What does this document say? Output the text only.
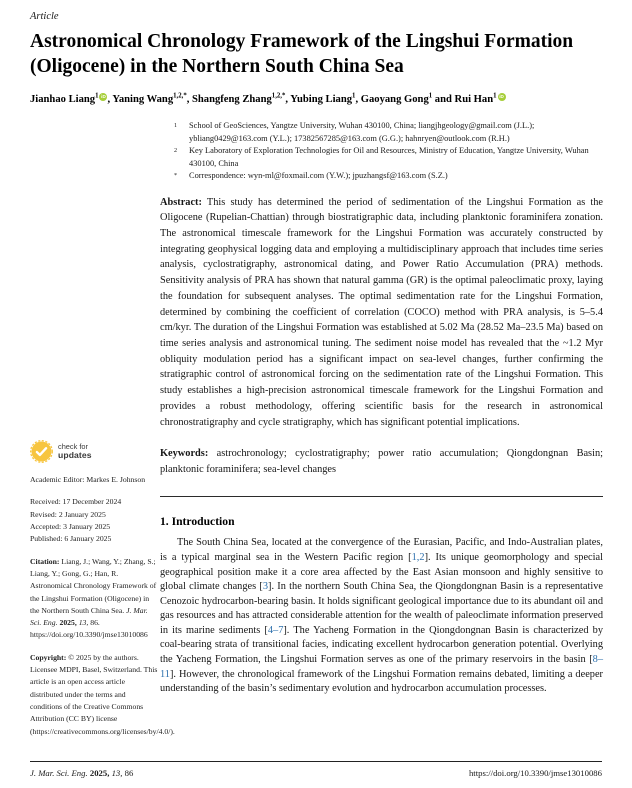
Article
Astronomical Chronology Framework of the Lingshui Formation (Oligocene) in the Northern South China Sea
Jianhao Liang$^1$ iD , Yaning Wang$^{1,2,*}$, Shangfeng Zhang$^{1,2,*}$, Yubing Liang$^1$, Gaoyang Gong$^1$ and Rui Han$^1$ iD
check for
updates

Academic Editor: Markes E. Johnson

Received: 17 December 2024
Revised: 2 January 2025
Accepted: 3 January 2025
Published: 6 January 2025

Citation: Liang, J.; Wang, Y.; Zhang, S.; Liang, Y.; Gong, G.; Han, R. Astronomical Chronology Framework of the Lingshui Formation (Oligocene) in the Northern South China Sea. J. Mar. Sci. Eng. 2025, 13, 86. https://doi.org/10.3390/jmse13010086

Copyright: © 2025 by the authors. Licensee MDPI, Basel, Switzerland. This article is an open access article distributed under the terms and conditions of the Creative Commons Attribution (CC BY) license (https://creativecommons.org/licenses/by/4.0/).

1	School of GeoSciences, Yangtze University, Wuhan 430100, China; liangjhgeology@gmail.com (J.L.); ybliang0429@163.com (Y.L.); 17382567285@163.com (G.G.); hahnryen@outlook.com (R.H.)
2	Key Laboratory of Exploration Technologies for Oil and Resources, Ministry of Education, Yangtze University, Wuhan 430100, China
*	Correspondence: wyn-ml@foxmail.com (Y.W.); jpuzhangsf@163.com (S.Z.)

Abstract: This study has determined the period of sedimentation of the Lingshui Formation as the Oligocene (Rupelian-Chattian) through biostratigraphic data, including planktonic foraminifera zonation. The astronomical timescale framework for the Lingshui Formation was accurately constructed by integrating geophysical logging data and employing a multidisciplinary approach that includes time series analysis, cyclostratigraphy, astronomical dating, and Power Ratio Accumulation (PRA) methods. Sensitivity analysis of PRA has shown that natural gamma (GR) is the optimal paleoclimatic proxy, laying the foundation for subsequent analyses. The optimal sedimentation rate for the Lingshui Formation, determined by combining the coefficient of correlation (COCO) method with PRA analysis, is 5–5.4 cm/kyr. The duration of the Lingshui Formation was established at 5.02 Ma (28.52 Ma–23.5 Ma) based on time series analysis and astronomical tuning. The sediment noise model has revealed that the ~1.2 Myr obliquity modulation period has a significant impact on sea-level changes, further confirming the stratigraphic control of astronomical forcing on the sedimentation rate of the Lingshui Formation. This study establishes a high-precision astronomical timescale framework for the Lingshui Formation and provides a robust methodology, offering scientific basis for the research in astronomical chronostratigraphy and cycle stratigraphy, which has significant potential implications.

Keywords: astrochronology; cyclostratigraphy; power ratio accumulation; Qiongdongnan Basin; planktonic foraminifera; sea-level changes

1. Introduction

The South China Sea, located at the convergence of the Eurasian, Pacific, and Indo-Australian plates, is a typical marginal sea in the Western Pacific region [1,2]. Its unique geomorphology and special geographical position make it a core area affected by the East Asian monsoon and highly sensitive to global climate changes [3]. In the northern South China Sea, the Qiongdongnan Basin is a representative Cenozoic hydrocarbon-bearing basin. It holds significant geological importance due to its abundant oil and gas resources and has attracted considerable attention for the wealth of paleoclimate information preserved in its marine sediments [4–7]. The Yacheng Formation in the Qiongdongnan Basin is characterized by coal-bearing strata of transitional facies, indicating excellent hydrocarbon generation potential. Overlying the Yacheng Formation, the Lingshui Formation serves as one of the primary reservoirs in the basin [8–11]. However, the chronological framework of the Lingshui Formation remains debated, limiting a deeper understanding of the basin’s sedimentary evolution and hydrocarbon accumulation processes.

J. Mar. Sci. Eng. 2025, 13, 86	https://doi.org/10.3390/jmse13010086
